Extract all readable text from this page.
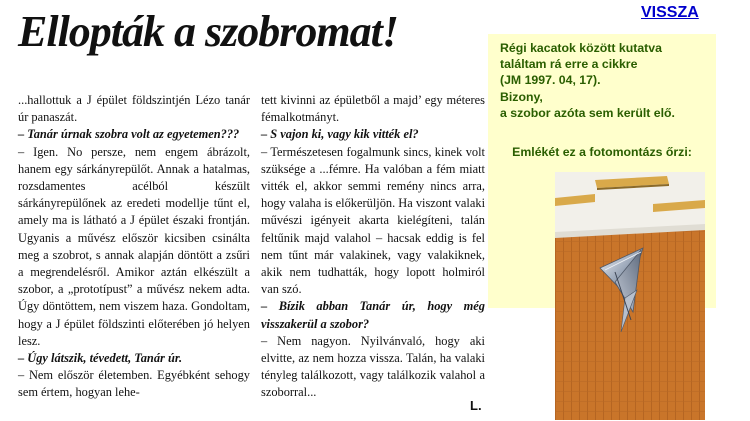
Ellopták a szobromat!

...hallottuk a J épület földszintjén Lézo tanár úr panaszát.

– Tanár úrnak szobra volt az egyetemen???

– Igen. No persze, nem engem ábrázolt, hanem egy sárkányrepülőt. Annak a hatalmas, rozsdamentes acélból készült sárkányrepülőnek az eredeti modellje tűnt el, amely ma is látható a J épület északi frontján. Ugyanis a művész először kicsiben csinálta meg a szobrot, s annak alapján döntött a zsűri a megrendelésről. Amikor aztán elkészült a szobor, a „prototípust” a művész nekem adta. Úgy döntöttem, nem viszem haza. Gondoltam, hogy a J épület földszinti előterében jó helyen lesz.

– Úgy látszik, tévedett, Tanár úr.

– Nem először életemben. Egyébként sehogy sem értem, hogyan lehe-

tett kivinni az épületből a majd’ egy méteres fémalkotmányt.

– S vajon ki, vagy kik vitték el?

– Természetesen fogalmunk sincs, kinek volt szüksége a ...fémre. Ha valóban a fém miatt vitték el, akkor semmi remény nincs arra, hogy valaha is előkerüljön. Ha viszont valaki művészi igényeit akarta kielégíteni, talán feltűnik majd valahol – hacsak eddig is fel nem tűnt már valakinek, vagy valakiknek, akik nem tudhatták, hogy lopott holmiról van szó.

– Bízik abban Tanár úr, hogy még visszakerül a szobor?

– Nem nagyon. Nyilvánvaló, hogy aki elvitte, az nem hozza vissza. Talán, ha valaki tényleg találkozott, vagy találkozik valahol a szoborral...

L.
VISSZA
Régi kacatok között kutatva
találtam rá erre a cikkre
(JM 1997. 04, 17).
Bizony,
a szobor azóta sem került elő.
Emlékét ez a fotomontázs őrzi:
